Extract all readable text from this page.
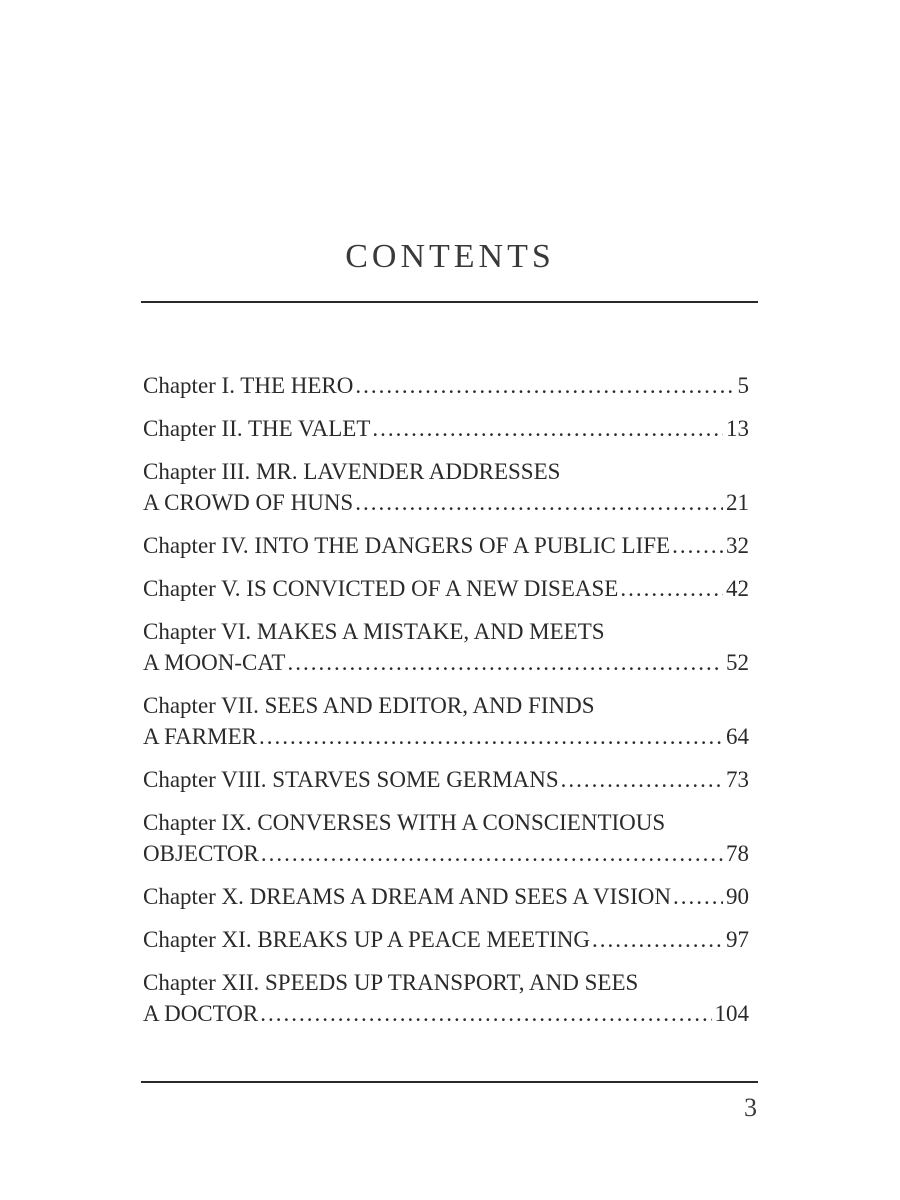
CONTENTS
Chapter I. THE HERO .....	5
Chapter II. THE VALET .....	13
Chapter III. MR. LAVENDER ADDRESSES
A CROWD OF HUNS .....	21
Chapter IV. INTO THE DANGERS OF A PUBLIC LIFE ..... 32
Chapter V. IS CONVICTED OF A NEW DISEASE .....	42
Chapter VI. MAKES A MISTAKE, AND MEETS
A MOON-CAT .....	52
Chapter VII. SEES AND EDITOR, AND FINDS
A FARMER .....	64
Chapter VIII. STARVES SOME GERMANS .....	73
Chapter IX. CONVERSES WITH A CONSCIENTIOUS
OBJECTOR .....	78
Chapter X. DREAMS A DREAM AND SEES A VISION ..... 90
Chapter XI. BREAKS UP A PEACE MEETING .....	97
Chapter XII. SPEEDS UP TRANSPORT, AND SEES
A DOCTOR .....	104
3
